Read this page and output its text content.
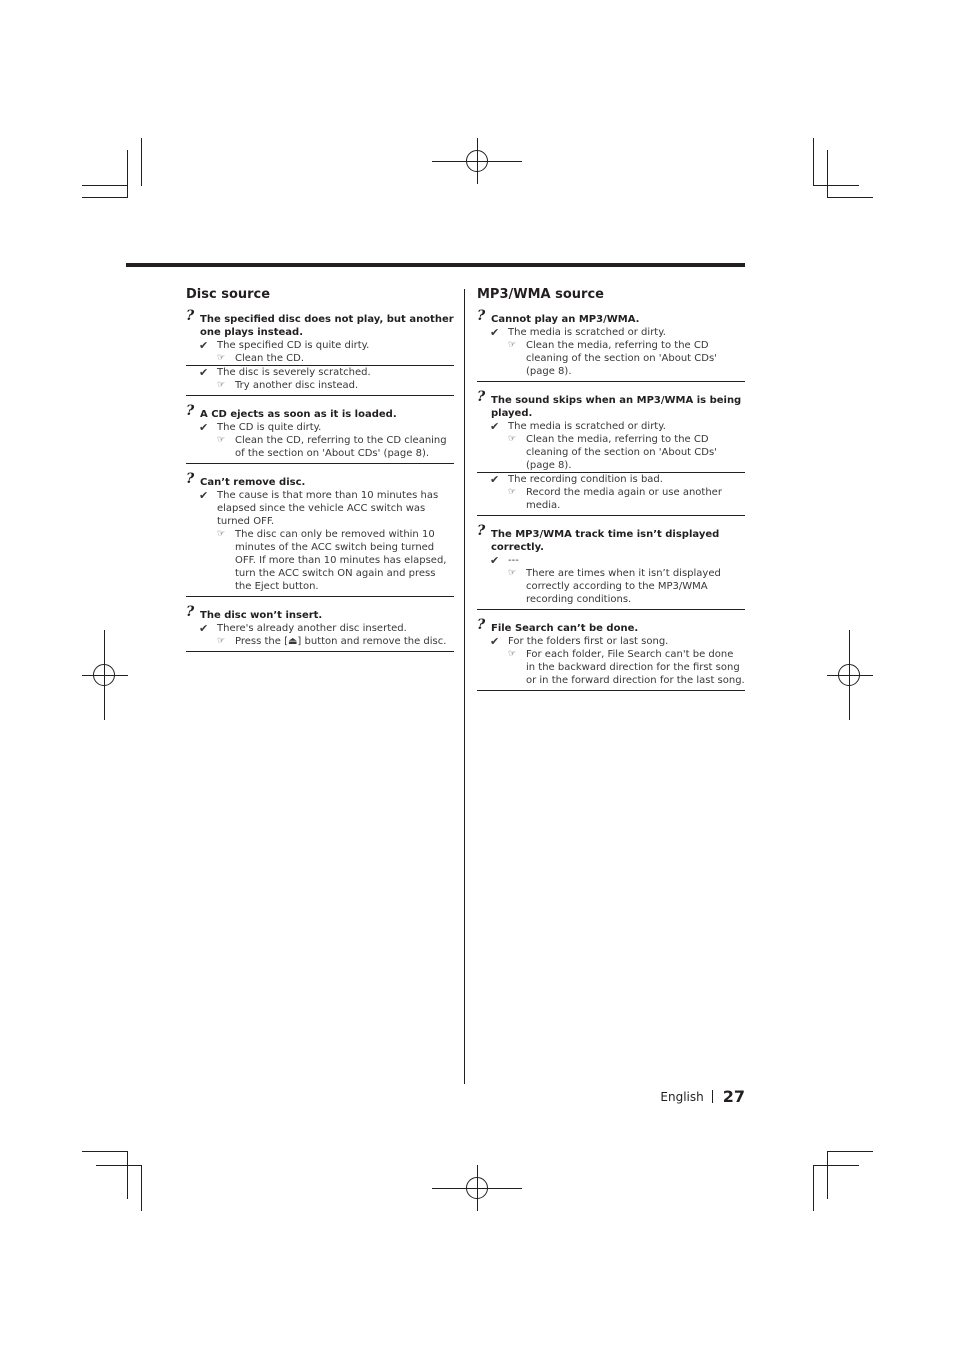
Disc source
? The specified disc does not play, but another one plays instead.
✔ The specified CD is quite dirty.
☞ Clean the CD.
✔ The disc is severely scratched.
☞ Try another disc instead.
? A CD ejects as soon as it is loaded.
✔ The CD is quite dirty.
☞ Clean the CD, referring to the CD cleaning of the section on 'About CDs' (page 8).
? Can’t remove disc.
✔ The cause is that more than 10 minutes has elapsed since the vehicle ACC switch was turned OFF.
☞ The disc can only be removed within 10 minutes of the ACC switch being turned OFF. If more than 10 minutes has elapsed, turn the ACC switch ON again and press the Eject button.
? The disc won’t insert.
✔ There's already another disc inserted.
☞ Press the [⏏] button and remove the disc.
MP3/WMA source
? Cannot play an MP3/WMA.
✔ The media is scratched or dirty.
☞ Clean the media, referring to the CD cleaning of the section on 'About CDs' (page 8).
? The sound skips when an MP3/WMA is being played.
✔ The media is scratched or dirty.
☞ Clean the media, referring to the CD cleaning of the section on 'About CDs' (page 8).
✔ The recording condition is bad.
☞ Record the media again or use another media.
? The MP3/WMA track time isn’t displayed correctly.
✔ ---
☞ There are times when it isn’t displayed correctly according to the MP3/WMA recording conditions.
? File Search can’t be done.
✔ For the folders first or last song.
☞ For each folder, File Search can't be done in the backward direction for the first song or in the forward direction for the last song.
English 27
